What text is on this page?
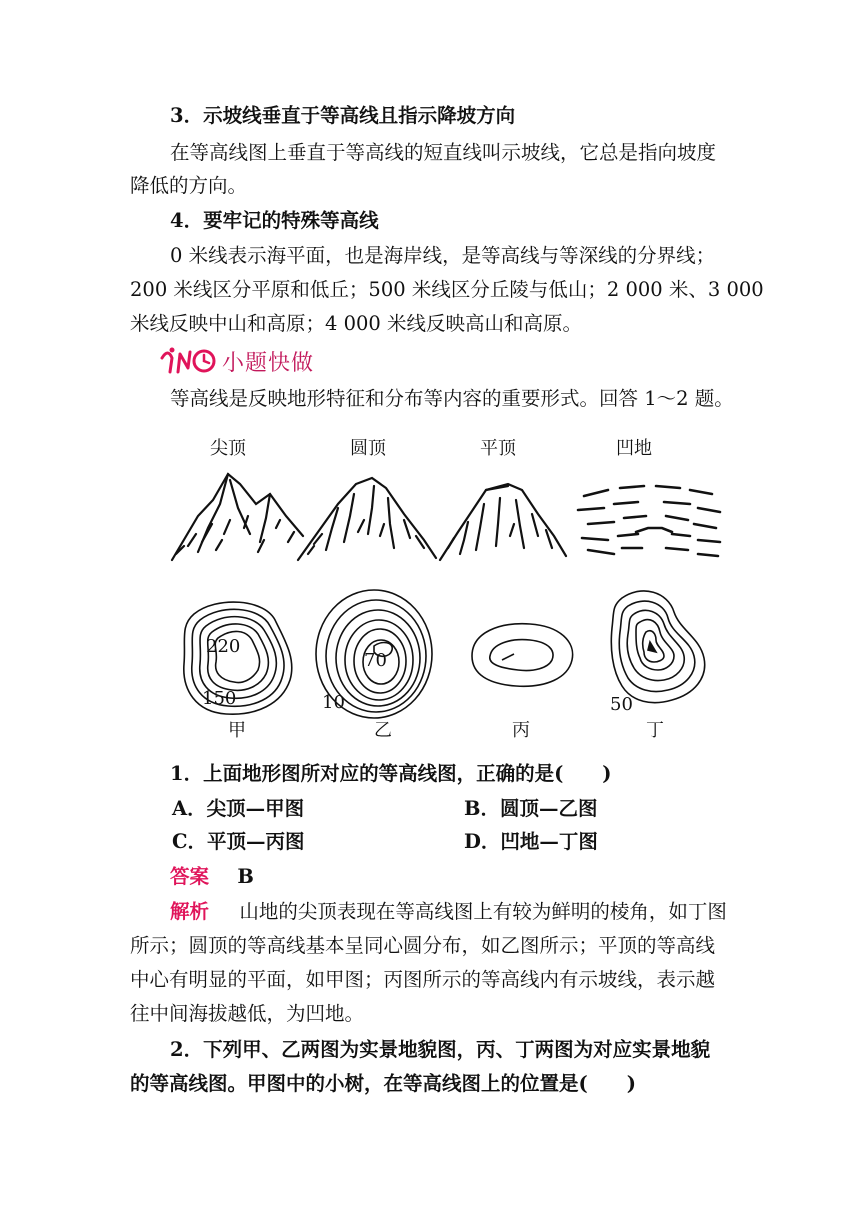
3．示坡线垂直于等高线且指示降坡方向
在等高线图上垂直于等高线的短直线叫示坡线，它总是指向坡度
降低的方向。
4．要牢记的特殊等高线
0 米线表示海平面，也是海岸线，是等高线与等深线的分界线；
200 米线区分平原和低丘；500 米线区分丘陵与低山；2 000 米、3 000
米线反映中山和高原；4 000 米线反映高山和高原。
小题快做
等高线是反映地形特征和分布等内容的重要形式。回答 1～2 题。
尖顶	圆顶	平顶	凹地
220
150
70
10	50
甲	乙	丙	丁
1．上面地形图所对应的等高线图，正确的是(　　)
A．尖顶—甲图	B．圆顶—乙图
C．平顶—丙图	D．凹地—丁图
答案 B
解析 山地的尖顶表现在等高线图上有较为鲜明的棱角，如丁图
所示；圆顶的等高线基本呈同心圆分布，如乙图所示；平顶的等高线
中心有明显的平面，如甲图；丙图所示的等高线内有示坡线，表示越
往中间海拔越低，为凹地。
2．下列甲、乙两图为实景地貌图，丙、丁两图为对应实景地貌
的等高线图。甲图中的小树，在等高线图上的位置是(　　)
